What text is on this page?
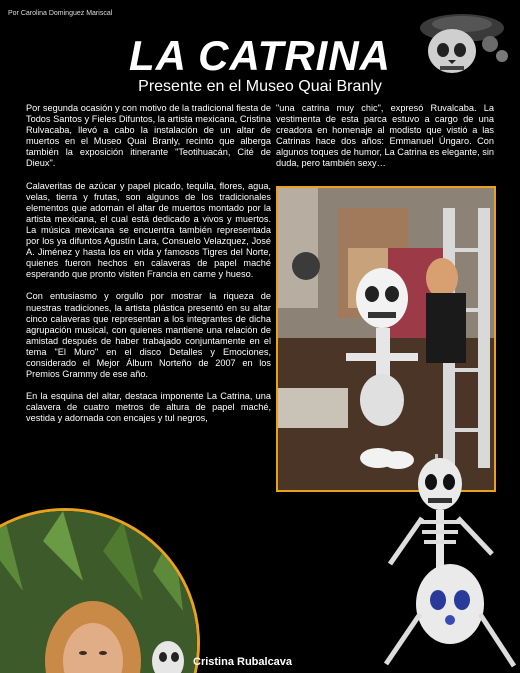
Por Carolina Dominguez Mariscal
LA CATRINA
Presente en el Museo Quai Branly

Por segunda ocasión y con motivo de la tradicional fiesta de Todos Santos y Fieles Difuntos, la artista mexicana, Cristina Rulvacaba, llevó a cabo la instalación de un altar de muertos en el Museo Quai Branly, recinto que alberga también la exposición itinerante "Teotihuacán, Cité de Dieux".

Calaveritas de azúcar y papel picado, tequila, flores, agua, velas, tierra y frutas, son algunos de los tradicionales elementos que adornan el altar de muertos montado por la artista mexicana, el cual está dedicado a vivos y muertos. La música mexicana se encuentra también representada por los ya difuntos Agustín Lara, Consuelo Velazquez, José A. Jiménez y hasta los en vida y famosos Tigres del Norte, quienes fueron hechos en calaveras de papel maché esperando que pronto visiten Francia en carne y hueso.

Con entusiasmo y orgullo por mostrar la riqueza de nuestras tradiciones, la artista plástica presentó en su altar cinco calaveras que representan a los integrantes de dicha agrupación musical, con quienes mantiene una relación de amistad después de haber trabajado conjuntamente en el tema "El Muro" en el disco Detalles y Emociones, considerado el Mejor Álbum Norteño de 2007 en los Premios Grammy de ese año.

En la esquina del altar, destaca imponente La Catrina, una calavera de cuatro metros de altura de papel maché, vestida y adornada con encajes y tul negros,

"una catrina muy chic", expresó Ruvalcaba. La vestimenta de esta parca estuvo a cargo de una creadora en homenaje al modisto que vistió a las Catrinas hace dos años: Emmanuel Úngaro. Con algunos toques de humor, La Catrina es elegante, sin duda, pero también sexy…

Cristina Rubalcava
